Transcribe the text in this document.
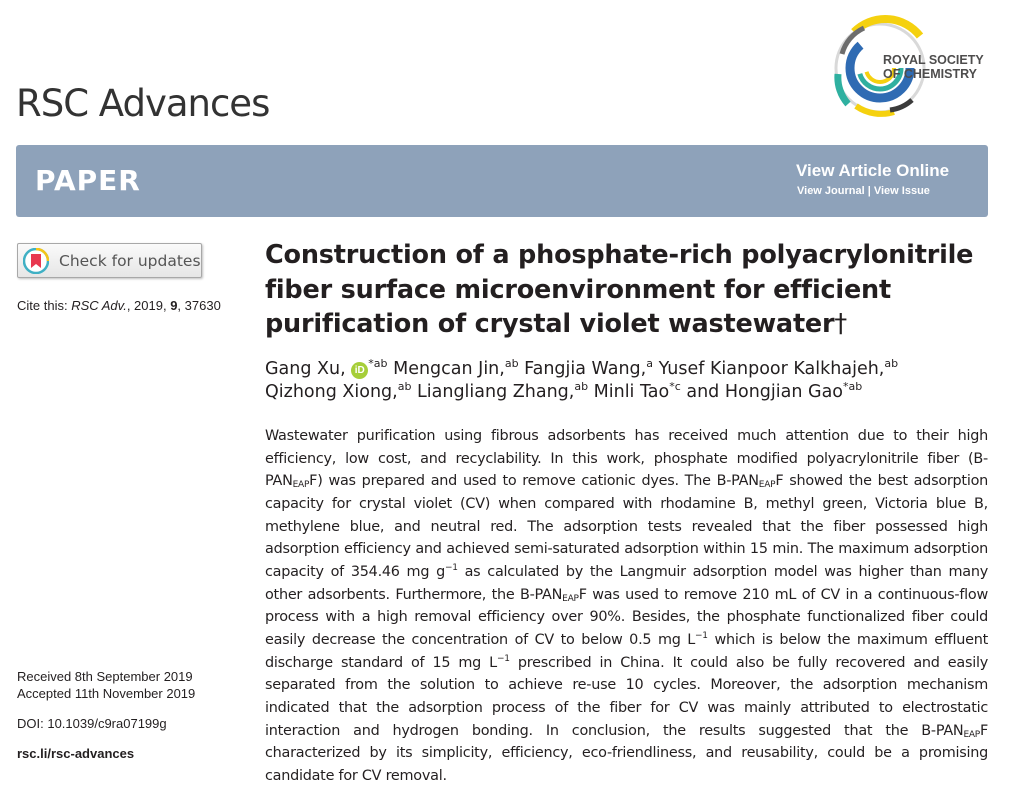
RSC Advances
ROYAL SOCIETY
OF CHEMISTRY
PAPER	View Article Online
View Journal | View Issue
Check for updates
Cite this: RSC Adv., 2019, 9, 37630
Received 8th September 2019
Accepted 11th November 2019
DOI: 10.1039/c9ra07199g
rsc.li/rsc-advances
Construction of a phosphate-rich polyacrylonitrile fiber surface microenvironment for efficient purification of crystal violet wastewater†
Gang Xu, $iD^{*ab}$ Mengcan Jin,$^{ab}$ Fangjia Wang,$^a$ Yusef Kianpoor Kalkhajeh,$^{ab}$
Qizhong Xiong,$^{ab}$ Liangliang Zhang,$^{ab}$ Minli Tao$^{*c}$ and Hongjian Gao$^{*ab}$

Wastewater purification using fibrous adsorbents has received much attention due to their high efficiency, low cost, and recyclability. In this work, phosphate modified polyacrylonitrile fiber $(B-PAN_{EAP}F)$ was prepared and used to remove cationic dyes. The $B-PAN_{EAP}F$ showed the best adsorption capacity for crystal violet (CV) when compared with rhodamine B, methyl green, Victoria blue B, methylene blue, and neutral red. The adsorption tests revealed that the fiber possessed high adsorption efficiency and achieved semi-saturated adsorption within 15 min. The maximum adsorption capacity of 354.46 mg $g^{-1}$ as calculated by the Langmuir adsorption model was higher than many other adsorbents. Furthermore, the $B-PAN_{EAP}F$ was used to remove 210 mL of CV in a continuous-flow process with a high removal efficiency over 90%. Besides, the phosphate functionalized fiber could easily decrease the concentration of CV to below 0.5 mg $L^{-1}$ which is below the maximum effluent discharge standard of 15 mg $L^{-1}$ prescribed in China. It could also be fully recovered and easily separated from the solution to achieve re-use 10 cycles. Moreover, the adsorption mechanism indicated that the adsorption process of the fiber for CV was mainly attributed to electrostatic interaction and hydrogen bonding. In conclusion, the results suggested that the $B-PAN_{EAP}F$ characterized by its simplicity, efficiency, eco-friendliness, and reusability, could be a promising candidate for CV removal.
